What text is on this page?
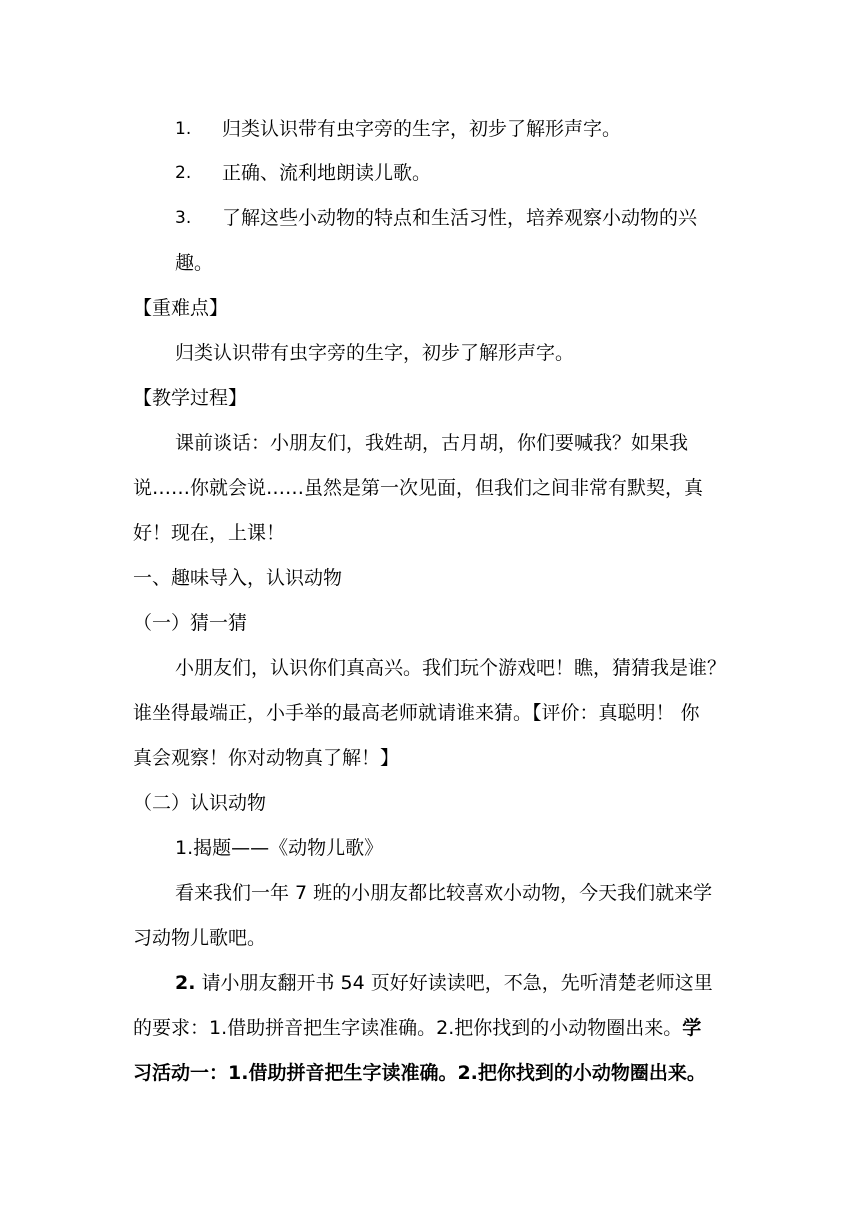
1.	归类认识带有虫字旁的生字，初步了解形声字。
2.	正确、流利地朗读儿歌。
3.	了解这些小动物的特点和生活习性，培养观察小动物的兴
趣。
【重难点】
归类认识带有虫字旁的生字，初步了解形声字。
【教学过程】
课前谈话：小朋友们，我姓胡，古月胡，你们要喊我？如果我
说……你就会说……虽然是第一次见面，但我们之间非常有默契，真
好！现在，上课！
一、趣味导入，认识动物
（一）猜一猜
小朋友们，认识你们真高兴。我们玩个游戏吧！瞧，猜猜我是谁？
谁坐得最端正，小手举的最高老师就请谁来猜。【评价：真聪明！ 你
真会观察！你对动物真了解！】
（二）认识动物
1.揭题——《动物儿歌》
看来我们一年 7 班的小朋友都比较喜欢小动物，今天我们就来学
习动物儿歌吧。
2. 请小朋友翻开书 54 页好好读读吧，不急，先听清楚老师这里
的要求：1.借助拼音把生字读准确。2.把你找到的小动物圈出来。学
习活动一：1.借助拼音把生字读准确。2.把你找到的小动物圈出来。
